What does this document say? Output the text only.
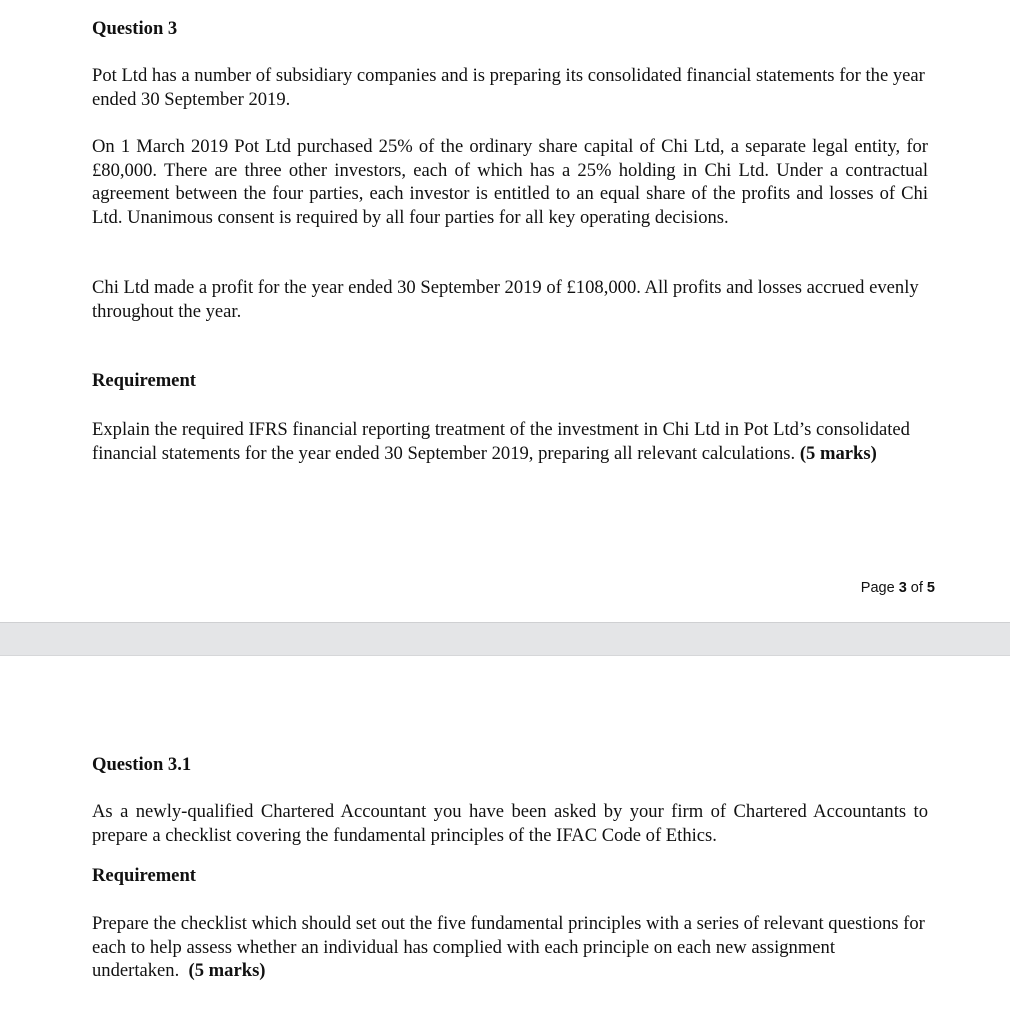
Question 3

Pot Ltd has a number of subsidiary companies and is preparing its consolidated financial statements for the year ended 30 September 2019.

On 1 March 2019 Pot Ltd purchased 25% of the ordinary share capital of Chi Ltd, a separate legal entity, for £80,000. There are three other investors, each of which has a 25% holding in Chi Ltd. Under a contractual agreement between the four parties, each investor is entitled to an equal share of the profits and losses of Chi Ltd. Unanimous consent is required by all four parties for all key operating decisions.

Chi Ltd made a profit for the year ended 30 September 2019 of £108,000. All profits and losses accrued evenly throughout the year.

Requirement

Explain the required IFRS financial reporting treatment of the investment in Chi Ltd in Pot Ltd’s consolidated financial statements for the year ended 30 September 2019, preparing all relevant calculations. (5 marks)

Page 3 of 5

Question 3.1

As a newly-qualified Chartered Accountant you have been asked by your firm of Chartered Accountants to prepare a checklist covering the fundamental principles of the IFAC Code of Ethics.

Requirement

Prepare the checklist which should set out the five fundamental principles with a series of relevant questions for each to help assess whether an individual has complied with each principle on each new assignment undertaken. (5 marks)
